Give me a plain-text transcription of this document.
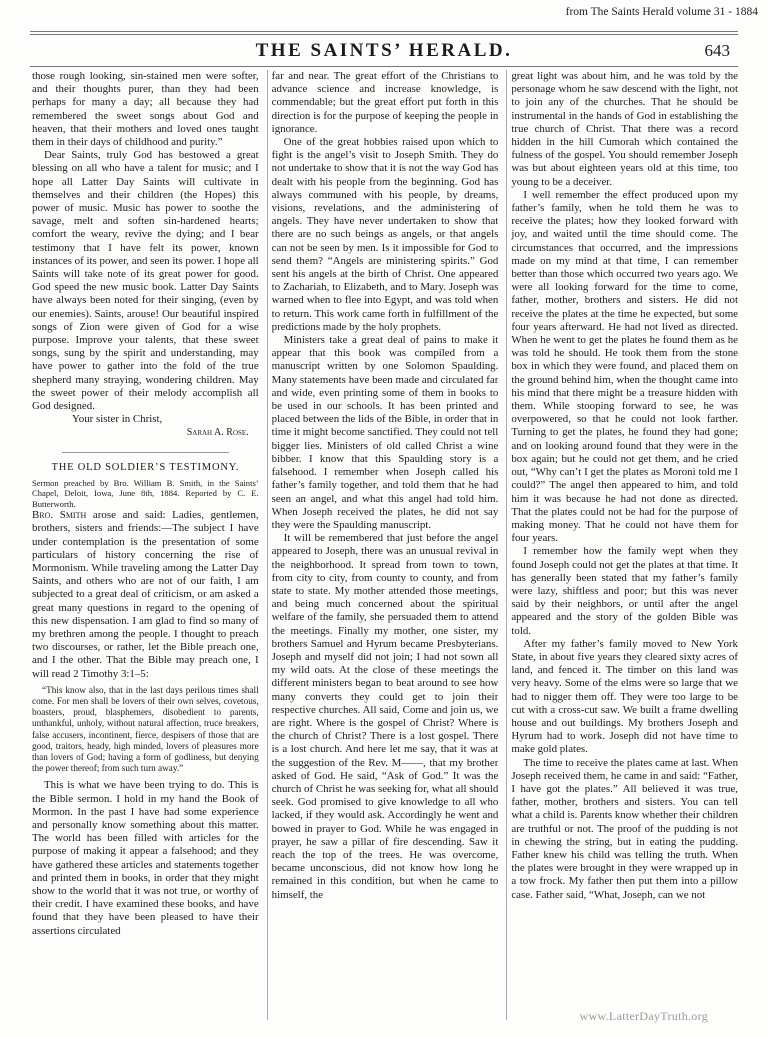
from The Saints Herald volume 31 - 1884
THE SAINTS’ HERALD.	643

those rough looking, sin-stained men were softer, and their thoughts purer, than they had been perhaps for many a day; all because they had remembered the sweet songs about God and heaven, that their mothers and loved ones taught them in their days of childhood and purity.”

Dear Saints, truly God has bestowed a great blessing on all who have a talent for music; and I hope all Latter Day Saints will cultivate in themselves and their children (the Hopes) this power of music. Music has power to soothe the savage, melt and soften sin-hardened hearts; comfort the weary, revive the dying; and I bear testimony that I have felt its power, known instances of its power, and seen its power. I hope all Saints will take note of its great power for good. God speed the new music book. Latter Day Saints have always been noted for their singing, (even by our enemies). Saints, arouse! Our beautiful inspired songs of Zion were given of God for a wise purpose. Improve your talents, that these sweet songs, sung by the spirit and understanding, may have power to gather into the fold of the true shepherd many straying, wondering children. May the sweet power of their melody accomplish all God designed.

Your sister in Christ,

Sarah A. Rose.
THE OLD SOLDIER’S TESTIMONY.

Sermon preached by Bro. William B. Smith, in the Saints’ Chapel, Deloit, Iowa, June 8th, 1884. Reported by C. E. Butterworth.

Bro. Smith arose and said: Ladies, gentlemen, brothers, sisters and friends:—The subject I have under contemplation is the presentation of some particulars of history concerning the rise of Mormonism. While traveling among the Latter Day Saints, and others who are not of our faith, I am subjected to a great deal of criticism, or am asked a great many questions in regard to the opening of this new dispensation. I am glad to find so many of my brethren among the people. I thought to preach two discourses, or rather, let the Bible preach one, and I the other. That the Bible may preach one, I will read 2 Timothy 3:1–5:

“This know also, that in the last days perilous times shall come. For men shall be lovers of their own selves, covetous, boasters, proud, blasphemers, disobedient to parents, unthankful, unholy, without natural affection, truce breakers, false accusers, incontinent, fierce, despisers of those that are good, traitors, heady, high minded, lovers of pleasures more than lovers of God; having a form of godliness, but denying the power thereof; from such turn away.”

This is what we have been trying to do. This is the Bible sermon. I hold in my hand the Book of Mormon. In the past I have had some experience and personally know something about this matter. The world has been filled with articles for the purpose of making it appear a falsehood; and they have gathered these articles and statements together and printed them in books, in order that they might show to the world that it was not true, or worthy of their credit. I have examined these books, and have found that they have been pleased to have their assertions circulated

far and near. The great effort of the Christians to advance science and increase knowledge, is commendable; but the great effort put forth in this direction is for the purpose of keeping the people in ignorance.

One of the great hobbies raised upon which to fight is the angel’s visit to Joseph Smith. They do not undertake to show that it is not the way God has dealt with his people from the beginning. God has always communed with his people, by dreams, visions, revelations, and the administering of angels. They have never undertaken to show that there are no such beings as angels, or that angels can not be seen by men. Is it impossible for God to send them? “Angels are ministering spirits.” God sent his angels at the birth of Christ. One appeared to Zachariah, to Elizabeth, and to Mary. Joseph was warned when to flee into Egypt, and was told when to return. This work came forth in fulfillment of the predictions made by the holy prophets.

Ministers take a great deal of pains to make it appear that this book was compiled from a manuscript written by one Solomon Spaulding. Many statements have been made and circulated far and wide, even printing some of them in books to be used in our schools. It has been printed and placed between the lids of the Bible, in order that in time it might become sanctified. They could not tell bigger lies. Ministers of old called Christ a wine bibber. I know that this Spaulding story is a falsehood. I remember when Joseph called his father’s family together, and told them that he had seen an angel, and what this angel had told him. When Joseph received the plates, he did not say they were the Spaulding manuscript.

It will be remembered that just before the angel appeared to Joseph, there was an unusual revival in the neighborhood. It spread from town to town, from city to city, from county to county, and from state to state. My mother attended those meetings, and being much concerned about the spiritual welfare of the family, she persuaded them to attend the meetings. Finally my mother, one sister, my brothers Samuel and Hyrum became Presbyterians. Joseph and myself did not join; I had not sown all my wild oats. At the close of these meetings the different ministers began to beat around to see how many converts they could get to join their respective churches. All said, Come and join us, we are right. Where is the gospel of Christ? Where is the church of Christ? There is a lost gospel. There is a lost church. And here let me say, that it was at the suggestion of the Rev. M——, that my brother asked of God. He said, “Ask of God.” It was the church of Christ he was seeking for, what all should seek. God promised to give knowledge to all who lacked, if they would ask. Accordingly he went and bowed in prayer to God. While he was engaged in prayer, he saw a pillar of fire descending. Saw it reach the top of the trees. He was overcome, became unconscious, did not know how long he remained in this condition, but when he came to himself, the

great light was about him, and he was told by the personage whom he saw descend with the light, not to join any of the churches. That he should be instrumental in the hands of God in establishing the true church of Christ. That there was a record hidden in the hill Cumorah which contained the fulness of the gospel. You should remember Joseph was but about eighteen years old at this time, too young to be a deceiver.

I well remember the effect produced upon my father’s family, when he told them he was to receive the plates; how they looked forward with joy, and waited until the time should come. The circumstances that occurred, and the impressions made on my mind at that time, I can remember better than those which occurred two years ago. We were all looking forward for the time to come, father, mother, brothers and sisters. He did not receive the plates at the time he expected, but some four years afterward. He had not lived as directed. When he went to get the plates he found them as he was told he should. He took them from the stone box in which they were found, and placed them on the ground behind him, when the thought came into his mind that there might be a treasure hidden with them. While stooping forward to see, he was overpowered, so that he could not look farther. Turning to get the plates, he found they had gone; and on looking around found that they were in the box again; but he could not get them, and he cried out, “Why can’t I get the plates as Moroni told me I could?” The angel then appeared to him, and told him it was because he had not done as directed. That the plates could not be had for the purpose of making money. That he could not have them for four years.

I remember how the family wept when they found Joseph could not get the plates at that time. It has generally been stated that my father’s family were lazy, shiftless and poor; but this was never said by their neighbors, or until after the angel appeared and the story of the golden Bible was told.

After my father’s family moved to New York State, in about five years they cleared sixty acres of land, and fenced it. The timber on this land was very heavy. Some of the elms were so large that we had to nigger them off. They were too large to be cut with a cross-cut saw. We built a frame dwelling house and out buildings. My brothers Joseph and Hyrum had to work. Joseph did not have time to make gold plates.

The time to receive the plates came at last. When Joseph received them, he came in and said: “Father, I have got the plates.” All believed it was true, father, mother, brothers and sisters. You can tell what a child is. Parents know whether their children are truthful or not. The proof of the pudding is not in chewing the string, but in eating the pudding. Father knew his child was telling the truth. When the plates were brought in they were wrapped up in a tow frock. My father then put them into a pillow case. Father said, “What, Joseph, can we not

www.LatterDayTruth.org
